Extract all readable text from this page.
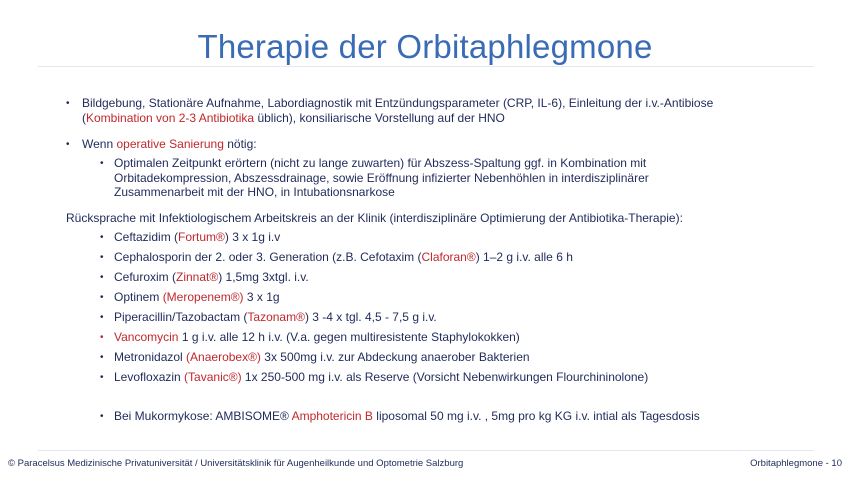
Therapie der Orbitaphlegmone
• Bildgebung, Stationäre Aufnahme, Labordiagnostik mit Entzündungsparameter (CRP, IL-6), Einleitung der i.v.-Antibiose
(Kombination von 2-3 Antibiotika üblich), konsiliarische Vorstellung auf der HNO
• Wenn operative Sanierung nötig:
• Optimalen Zeitpunkt erörtern (nicht zu lange zuwarten) für Abszess-Spaltung ggf. in Kombination mit Orbitadekompression, Abszessdrainage, sowie Eröffnung infizierter Nebenhöhlen in interdisziplinärer Zusammenarbeit mit der HNO, in Intubationsnarkose
Rücksprache mit Infektiologischem Arbeitskreis an der Klinik (interdisziplinäre Optimierung der Antibiotika-Therapie):
• Ceftazidim (Fortum®) 3 x 1g i.v
• Cephalosporin der 2. oder 3. Generation (z.B. Cefotaxim (Claforan®) 1–2 g i.v. alle 6 h
• Cefuroxim (Zinnat®) 1,5mg 3xtgl. i.v.
• Optinem (Meropenem®) 3 x 1g
• Piperacillin/Tazobactam (Tazonam®) 3 -4 x tgl. 4,5 - 7,5 g i.v.
• Vancomycin 1 g i.v. alle 12 h i.v. (V.a. gegen multiresistente Staphylokokken)
• Metronidazol (Anaerobex®) 3x 500mg i.v. zur Abdeckung anaerober Bakterien
• Levofloxazin (Tavanic®) 1x 250-500 mg i.v. als Reserve (Vorsicht Nebenwirkungen Flourchininolone)
• Bei Mukormykose: AMBISOME® Amphotericin B liposomal 50 mg i.v. , 5mg pro kg KG i.v. intial als Tagesdosis
© Paracelsus Medizinische Privatuniversität / Universitätsklinik für Augenheilkunde und Optometrie Salzburg	Orbitaphlegmone - 10
